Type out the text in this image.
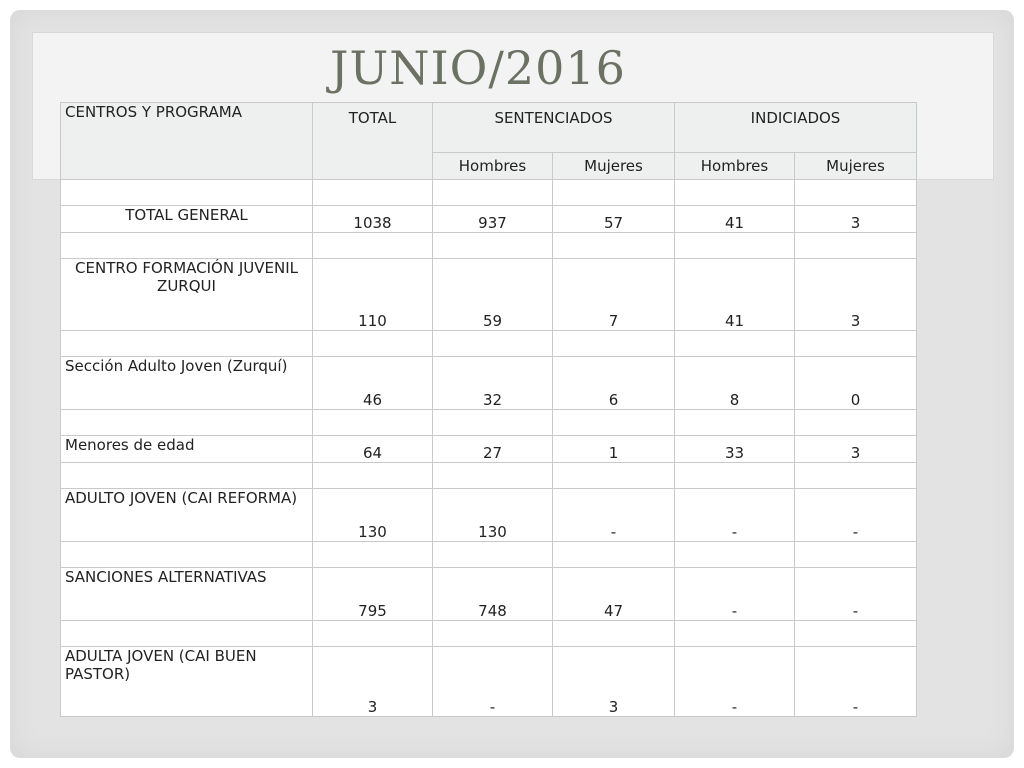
JUNIO/2016
CENTROS Y PROGRAMA	TOTAL	SENTENCIADOS		INDICIADOS	
		Hombres	Mujeres	Hombres	Mujeres

TOTAL GENERAL	1038	937	57	41	3

CENTRO FORMACIÓN JUVENIL ZURQUI	110	59	7	41	3

Sección Adulto Joven (Zurquí)	46	32	6	8	0

Menores de edad	64	27	1	33	3

ADULTO JOVEN (CAI REFORMA)	130	130	-	-	-

SANCIONES ALTERNATIVAS	795	748	47	-	-

ADULTA JOVEN (CAI BUEN PASTOR)	3	-	3	-	-
